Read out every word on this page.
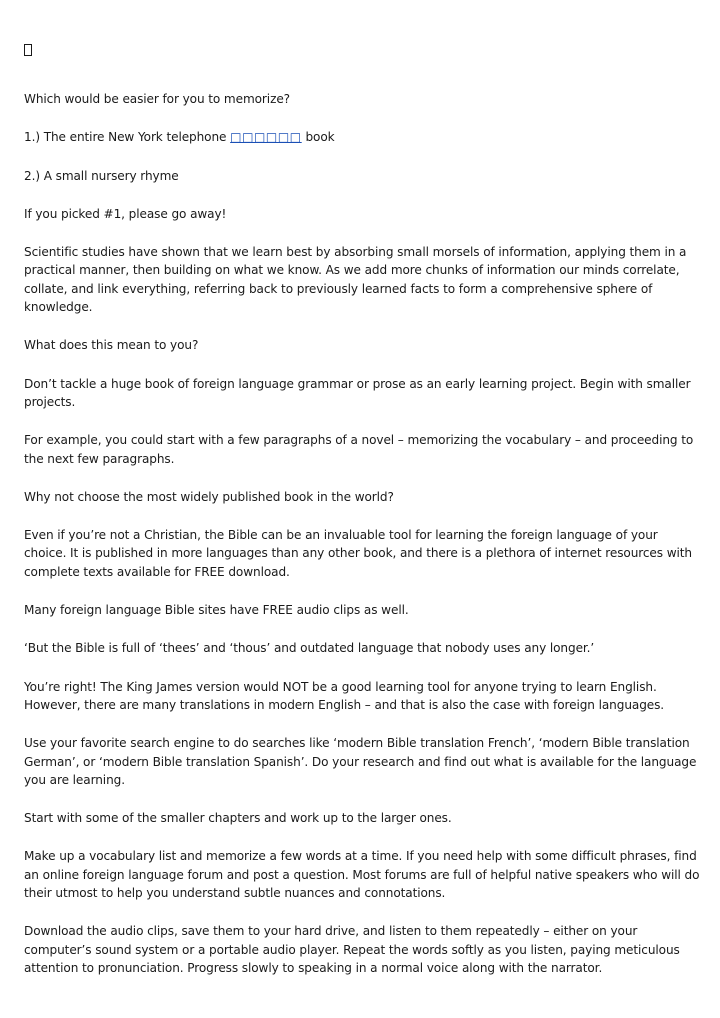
Which would be easier for you to memorize?

1.) The entire New York telephone □□□□□□ book

2.) A small nursery rhyme

If you picked #1, please go away!

Scientific studies have shown that we learn best by absorbing small morsels of information, applying them in a practical manner, then building on what we know. As we add more chunks of information our minds correlate, collate, and link everything, referring back to previously learned facts to form a comprehensive sphere of knowledge.

What does this mean to you?

Don’t tackle a huge book of foreign language grammar or prose as an early learning project. Begin with smaller projects.

For example, you could start with a few paragraphs of a novel – memorizing the vocabulary – and proceeding to the next few paragraphs.

Why not choose the most widely published book in the world?

Even if you’re not a Christian, the Bible can be an invaluable tool for learning the foreign language of your choice. It is published in more languages than any other book, and there is a plethora of internet resources with complete texts available for FREE download.

Many foreign language Bible sites have FREE audio clips as well.

‘But the Bible is full of ‘thees’ and ‘thous’ and outdated language that nobody uses any longer.’

You’re right! The King James version would NOT be a good learning tool for anyone trying to learn English. However, there are many translations in modern English – and that is also the case with foreign languages.

Use your favorite search engine to do searches like ‘modern Bible translation French’, ‘modern Bible translation German’, or ‘modern Bible translation Spanish’. Do your research and find out what is available for the language you are learning.

Start with some of the smaller chapters and work up to the larger ones.

Make up a vocabulary list and memorize a few words at a time. If you need help with some difficult phrases, find an online foreign language forum and post a question. Most forums are full of helpful native speakers who will do their utmost to help you understand subtle nuances and connotations.

Download the audio clips, save them to your hard drive, and listen to them repeatedly – either on your computer’s sound system or a portable audio player. Repeat the words softly as you listen, paying meticulous attention to pronunciation. Progress slowly to speaking in a normal voice along with the narrator.
